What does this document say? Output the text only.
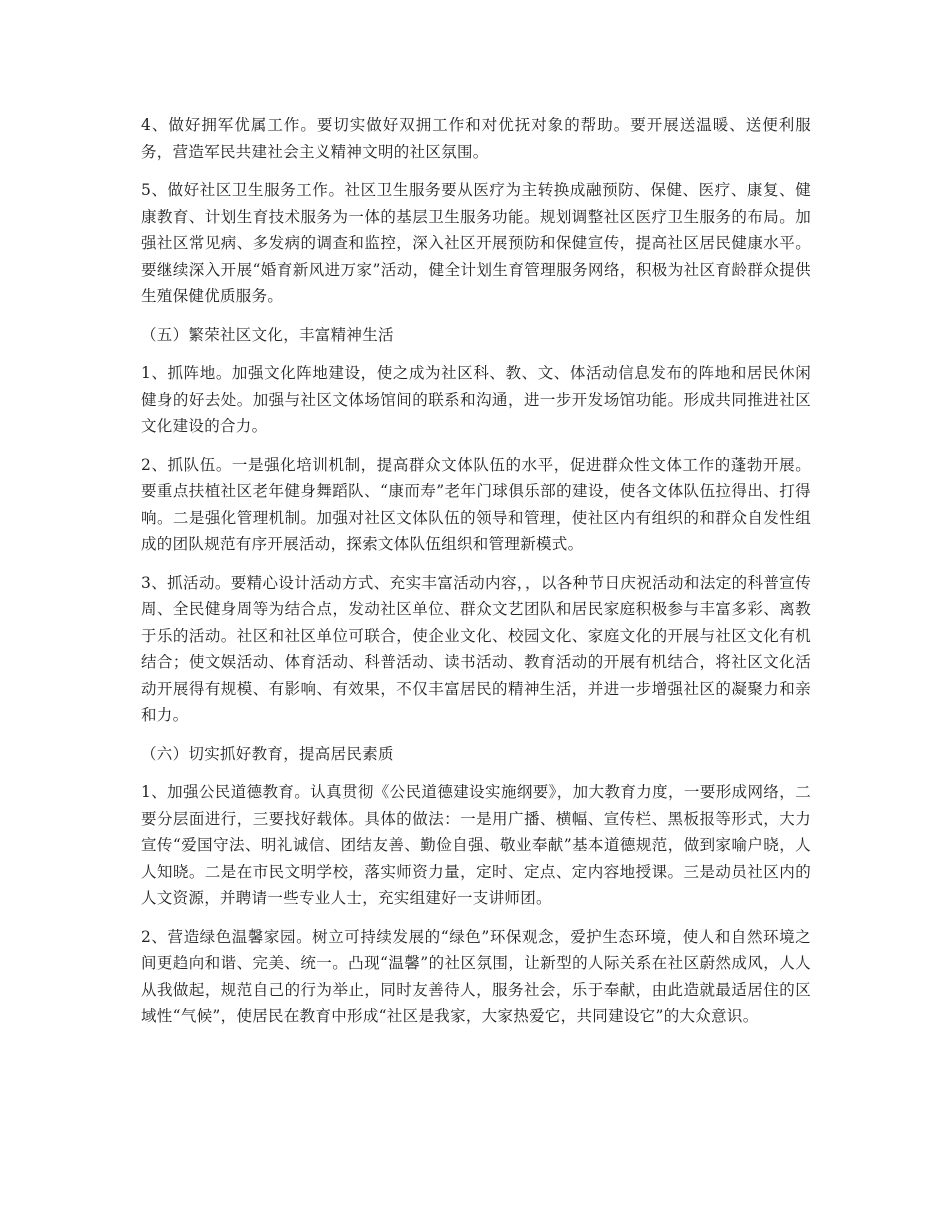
4、做好拥军优属工作。要切实做好双拥工作和对优抚对象的帮助。要开展送温暖、送便利服务，营造军民共建社会主义精神文明的社区氛围。

5、做好社区卫生服务工作。社区卫生服务要从医疗为主转换成融预防、保健、医疗、康复、健康教育、计划生育技术服务为一体的基层卫生服务功能。规划调整社区医疗卫生服务的布局。加强社区常见病、多发病的调查和监控，深入社区开展预防和保健宣传，提高社区居民健康水平。要继续深入开展“婚育新风进万家”活动，健全计划生育管理服务网络，积极为社区育龄群众提供生殖保健优质服务。

（五）繁荣社区文化，丰富精神生活

1、抓阵地。加强文化阵地建设，使之成为社区科、教、文、体活动信息发布的阵地和居民休闲健身的好去处。加强与社区文体场馆间的联系和沟通，进一步开发场馆功能。形成共同推进社区文化建设的合力。

2、抓队伍。一是强化培训机制，提高群众文体队伍的水平，促进群众性文体工作的蓬勃开展。要重点扶植社区老年健身舞蹈队、“康而寿”老年门球俱乐部的建设，使各文体队伍拉得出、打得响。二是强化管理机制。加强对社区文体队伍的领导和管理，使社区内有组织的和群众自发性组成的团队规范有序开展活动，探索文体队伍组织和管理新模式。

3、抓活动。要精心设计活动方式、充实丰富活动内容，，以各种节日庆祝活动和法定的科普宣传周、全民健身周等为结合点，发动社区单位、群众文艺团队和居民家庭积极参与丰富多彩、离教于乐的活动。社区和社区单位可联合，使企业文化、校园文化、家庭文化的开展与社区文化有机结合；使文娱活动、体育活动、科普活动、读书活动、教育活动的开展有机结合，将社区文化活动开展得有规模、有影响、有效果，不仅丰富居民的精神生活，并进一步增强社区的凝聚力和亲和力。

（六）切实抓好教育，提高居民素质

1、加强公民道德教育。认真贯彻《公民道德建设实施纲要》，加大教育力度，一要形成网络，二要分层面进行，三要找好载体。具体的做法：一是用广播、横幅、宣传栏、黑板报等形式，大力宣传“爱国守法、明礼诚信、团结友善、勤俭自强、敬业奉献”基本道德规范，做到家喻户晓，人人知晓。二是在市民文明学校，落实师资力量，定时、定点、定内容地授课。三是动员社区内的人文资源，并聘请一些专业人士，充实组建好一支讲师团。

2、营造绿色温馨家园。树立可持续发展的“绿色”环保观念，爱护生态环境，使人和自然环境之间更趋向和谐、完美、统一。凸现“温馨”的社区氛围，让新型的人际关系在社区蔚然成风，人人从我做起，规范自己的行为举止，同时友善待人，服务社会，乐于奉献，由此造就最适居住的区域性“气候”，使居民在教育中形成“社区是我家，大家热爱它，共同建设它”的大众意识。
